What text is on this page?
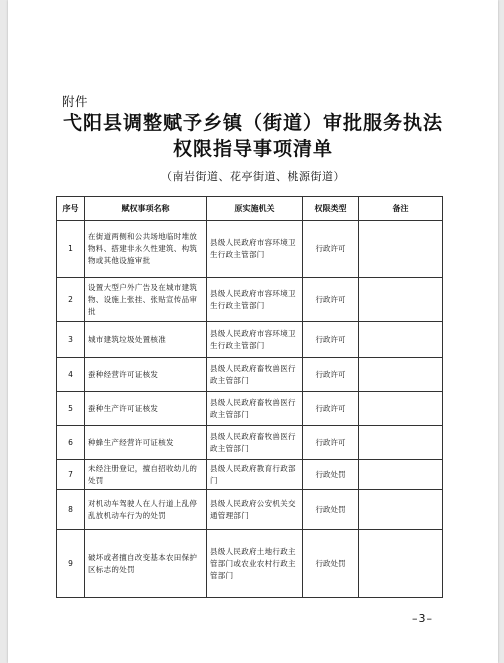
附件
弋阳县调整赋予乡镇（街道）审批服务执法
权限指导事项清单
（南岩街道、花亭街道、桃源街道）
序号	赋权事项名称	原实施机关	权限类型	备注
1	在街道两侧和公共场地临时堆放物料、搭建非永久性建筑、构筑物或其他设施审批	县级人民政府市容环境卫生行政主管部门	行政许可	
2	设置大型户外广告及在城市建筑物、设施上张挂、张贴宣传品审批	县级人民政府市容环境卫生行政主管部门	行政许可	
3	城市建筑垃圾处置核准	县级人民政府市容环境卫生行政主管部门	行政许可	
4	蚕种经营许可证核发	县级人民政府畜牧兽医行政主管部门	行政许可	
5	蚕种生产许可证核发	县级人民政府畜牧兽医行政主管部门	行政许可	
6	种蜂生产经营许可证核发	县级人民政府畜牧兽医行政主管部门	行政许可	
7	未经注册登记，擅自招收幼儿的处罚	县级人民政府教育行政部门	行政处罚	
8	对机动车驾驶人在人行道上乱停乱放机动车行为的处罚	县级人民政府公安机关交通管理部门	行政处罚	
9	破坏或者擅自改变基本农田保护区标志的处罚	县级人民政府土地行政主管部门或农业农村行政主管部门	行政处罚	
–3–
